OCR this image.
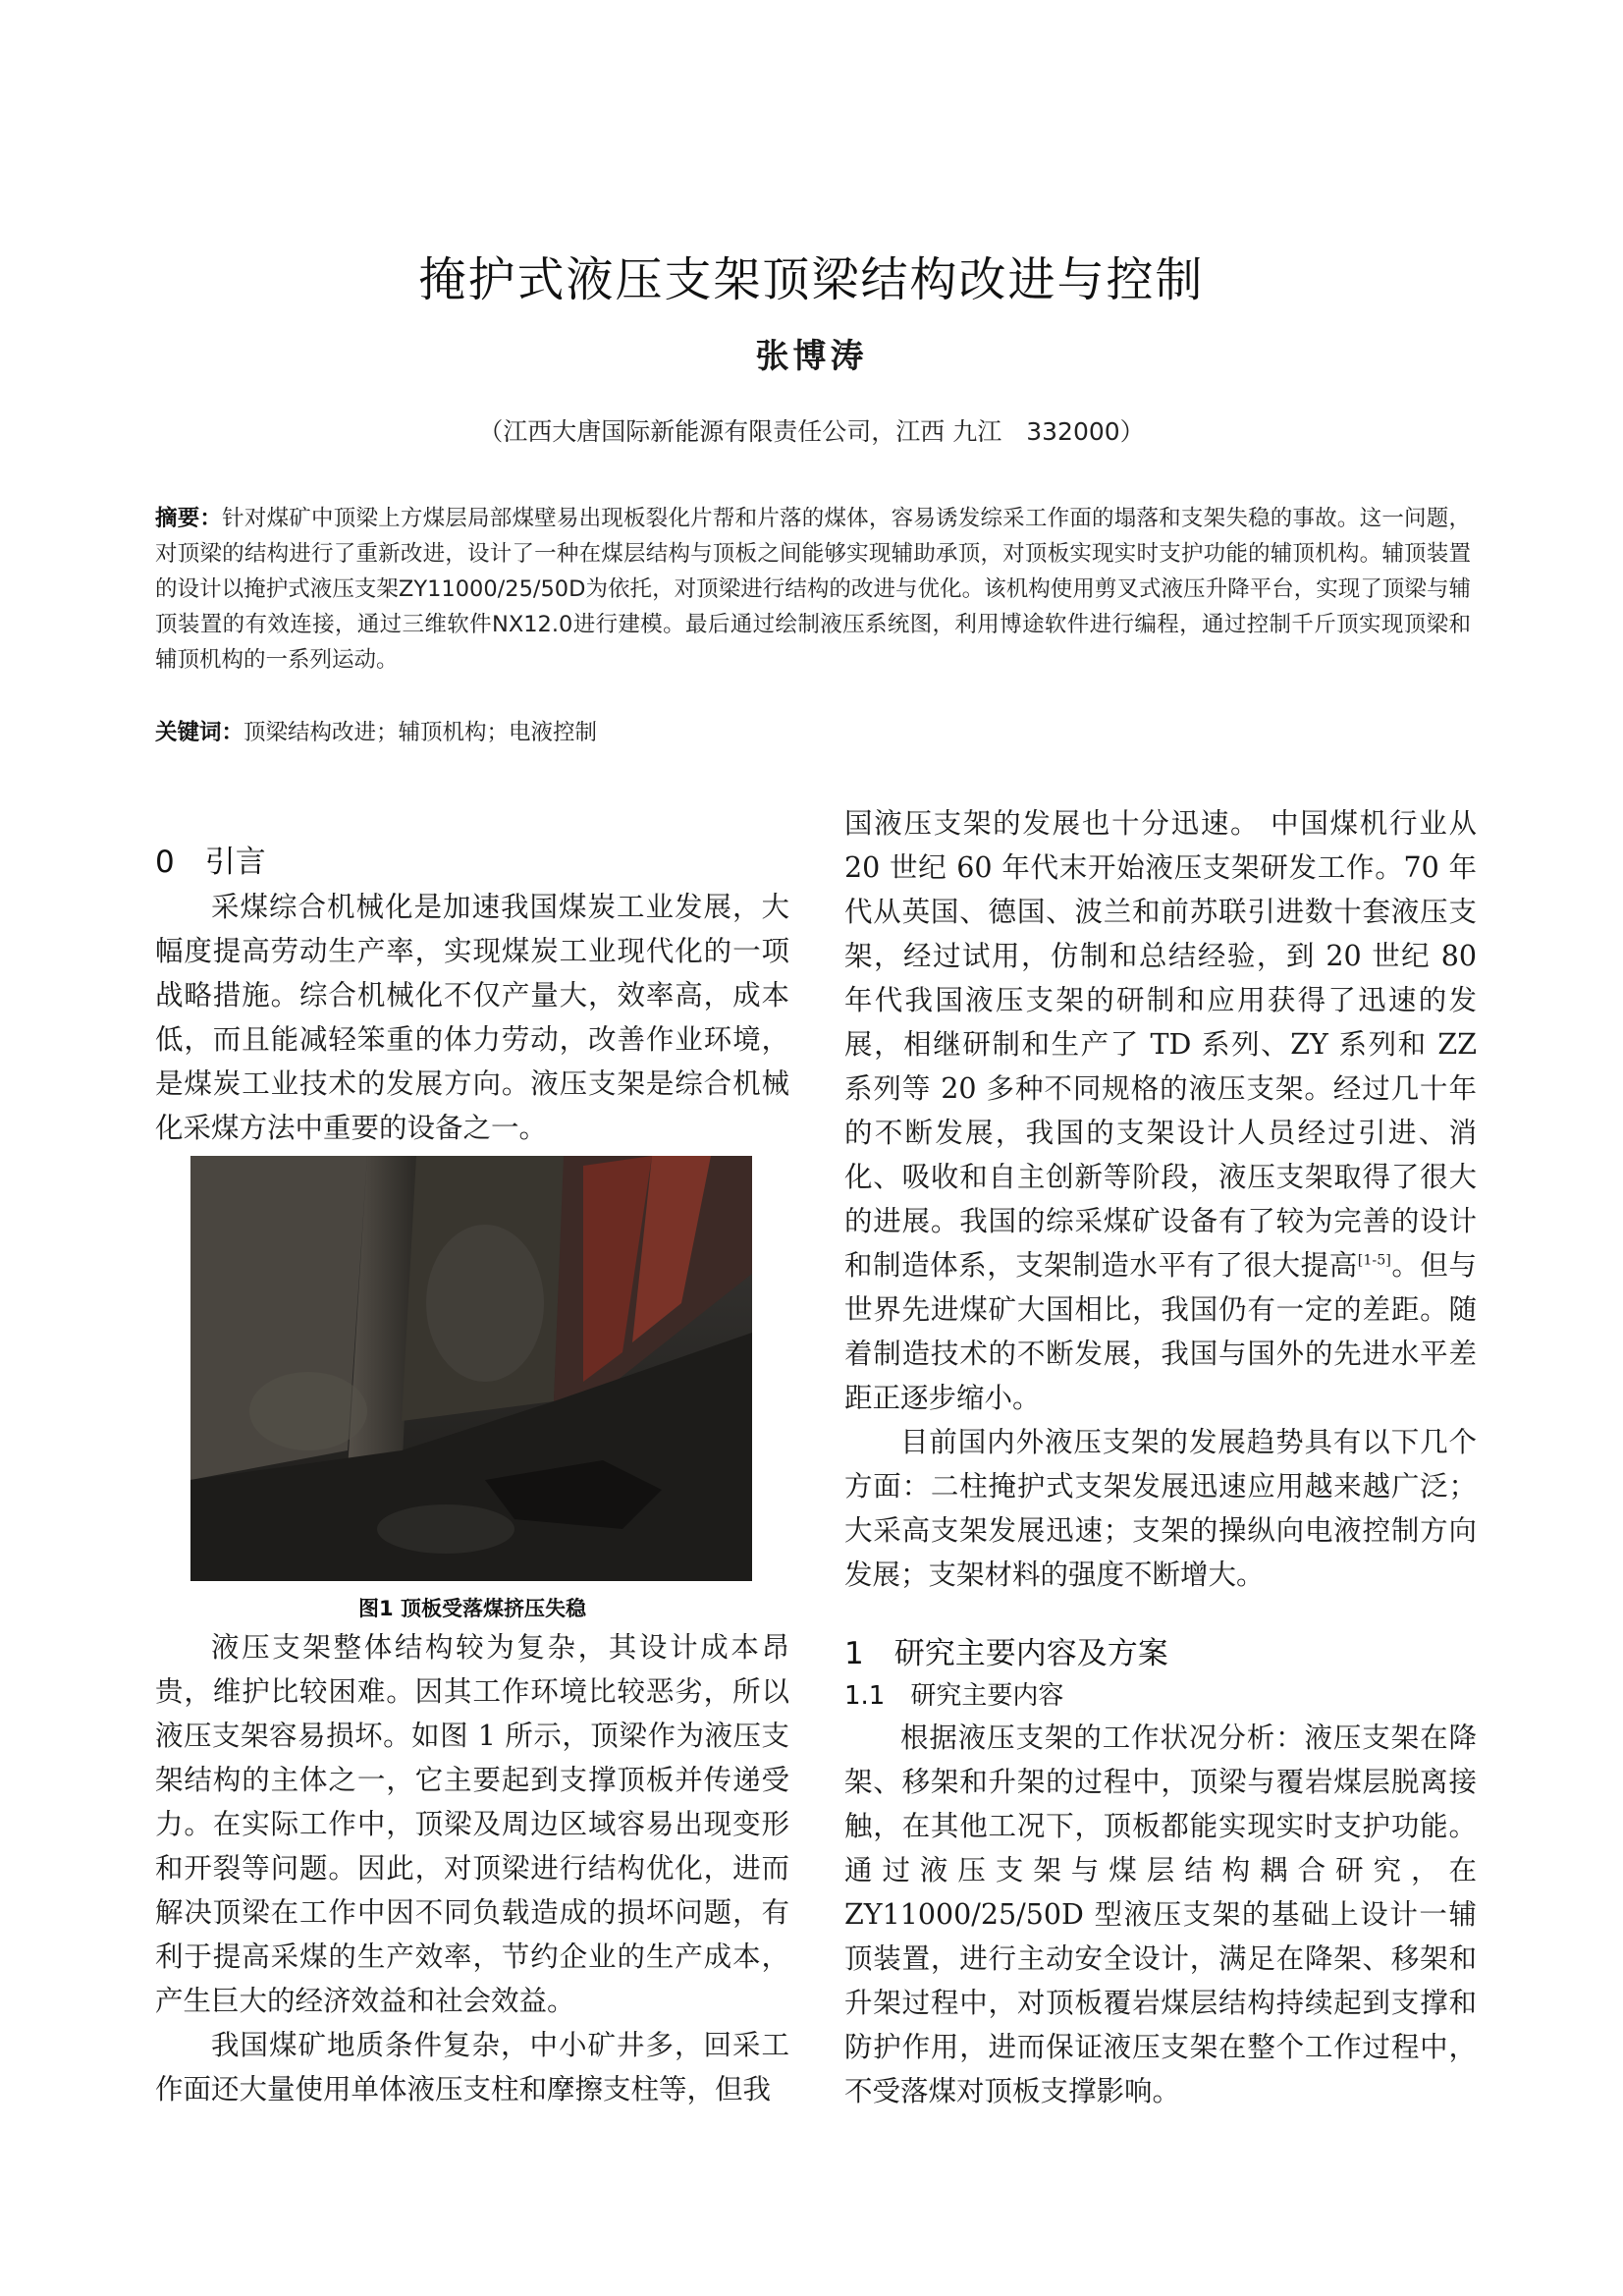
掩护式液压支架顶梁结构改进与控制
张博涛
（江西大唐国际新能源有限责任公司，江西 九江　332000）
摘要：针对煤矿中顶梁上方煤层局部煤壁易出现板裂化片帮和片落的煤体，容易诱发综采工作面的塌落和支架失稳的事故。这一问题，对顶梁的结构进行了重新改进，设计了一种在煤层结构与顶板之间能够实现辅助承顶，对顶板实现实时支护功能的辅顶机构。辅顶装置的设计以掩护式液压支架ZY11000/25/50D为依托，对顶梁进行结构的改进与优化。该机构使用剪叉式液压升降平台，实现了顶梁与辅顶装置的有效连接，通过三维软件NX12.0进行建模。最后通过绘制液压系统图，利用博途软件进行编程，通过控制千斤顶实现顶梁和辅顶机构的一系列运动。
关键词：顶梁结构改进；辅顶机构；电液控制
0　引言

采煤综合机械化是加速我国煤炭工业发展，大幅度提高劳动生产率，实现煤炭工业现代化的一项战略措施。综合机械化不仅产量大，效率高，成本低，而且能减轻笨重的体力劳动，改善作业环境，是煤炭工业技术的发展方向。液压支架是综合机械化采煤方法中重要的设备之一。

图1 顶板受落煤挤压失稳

液压支架整体结构较为复杂，其设计成本昂贵，维护比较困难。因其工作环境比较恶劣，所以液压支架容易损坏。如图 1 所示，顶梁作为液压支架结构的主体之一，它主要起到支撑顶板并传递受力。在实际工作中，顶梁及周边区域容易出现变形和开裂等问题。因此，对顶梁进行结构优化，进而解决顶梁在工作中因不同负载造成的损坏问题，有利于提高采煤的生产效率，节约企业的生产成本，产生巨大的经济效益和社会效益。

我国煤矿地质条件复杂，中小矿井多，回采工作面还大量使用单体液压支柱和摩擦支柱等，但我

国液压支架的发展也十分迅速。 中国煤机行业从 20 世纪 60 年代末开始液压支架研发工作。70 年代从英国、德国、波兰和前苏联引进数十套液压支架，经过试用，仿制和总结经验，到 20 世纪 80 年代我国液压支架的研制和应用获得了迅速的发展，相继研制和生产了 TD 系列、ZY 系列和 ZZ 系列等 20 多种不同规格的液压支架。经过几十年的不断发展，我国的支架设计人员经过引进、消化、吸收和自主创新等阶段，液压支架取得了很大的进展。我国的综采煤矿设备有了较为完善的设计和制造体系，支架制造水平有了很大提高[1-5]。但与世界先进煤矿大国相比，我国仍有一定的差距。随着制造技术的不断发展，我国与国外的先进水平差距正逐步缩小。

目前国内外液压支架的发展趋势具有以下几个方面：二柱掩护式支架发展迅速应用越来越广泛；大采高支架发展迅速；支架的操纵向电液控制方向发展；支架材料的强度不断增大。

1　研究主要内容及方案
1.1　研究主要内容

根据液压支架的工作状况分析：液压支架在降架、移架和升架的过程中，顶梁与覆岩煤层脱离接触，在其他工况下，顶板都能实现实时支护功能。通过液压支架与煤层结构耦合研究，在 ZY11000/25/50D 型液压支架的基础上设计一辅顶装置，进行主动安全设计，满足在降架、移架和升架过程中，对顶板覆岩煤层结构持续起到支撑和防护作用，进而保证液压支架在整个工作过程中，不受落煤对顶板支撑影响。
